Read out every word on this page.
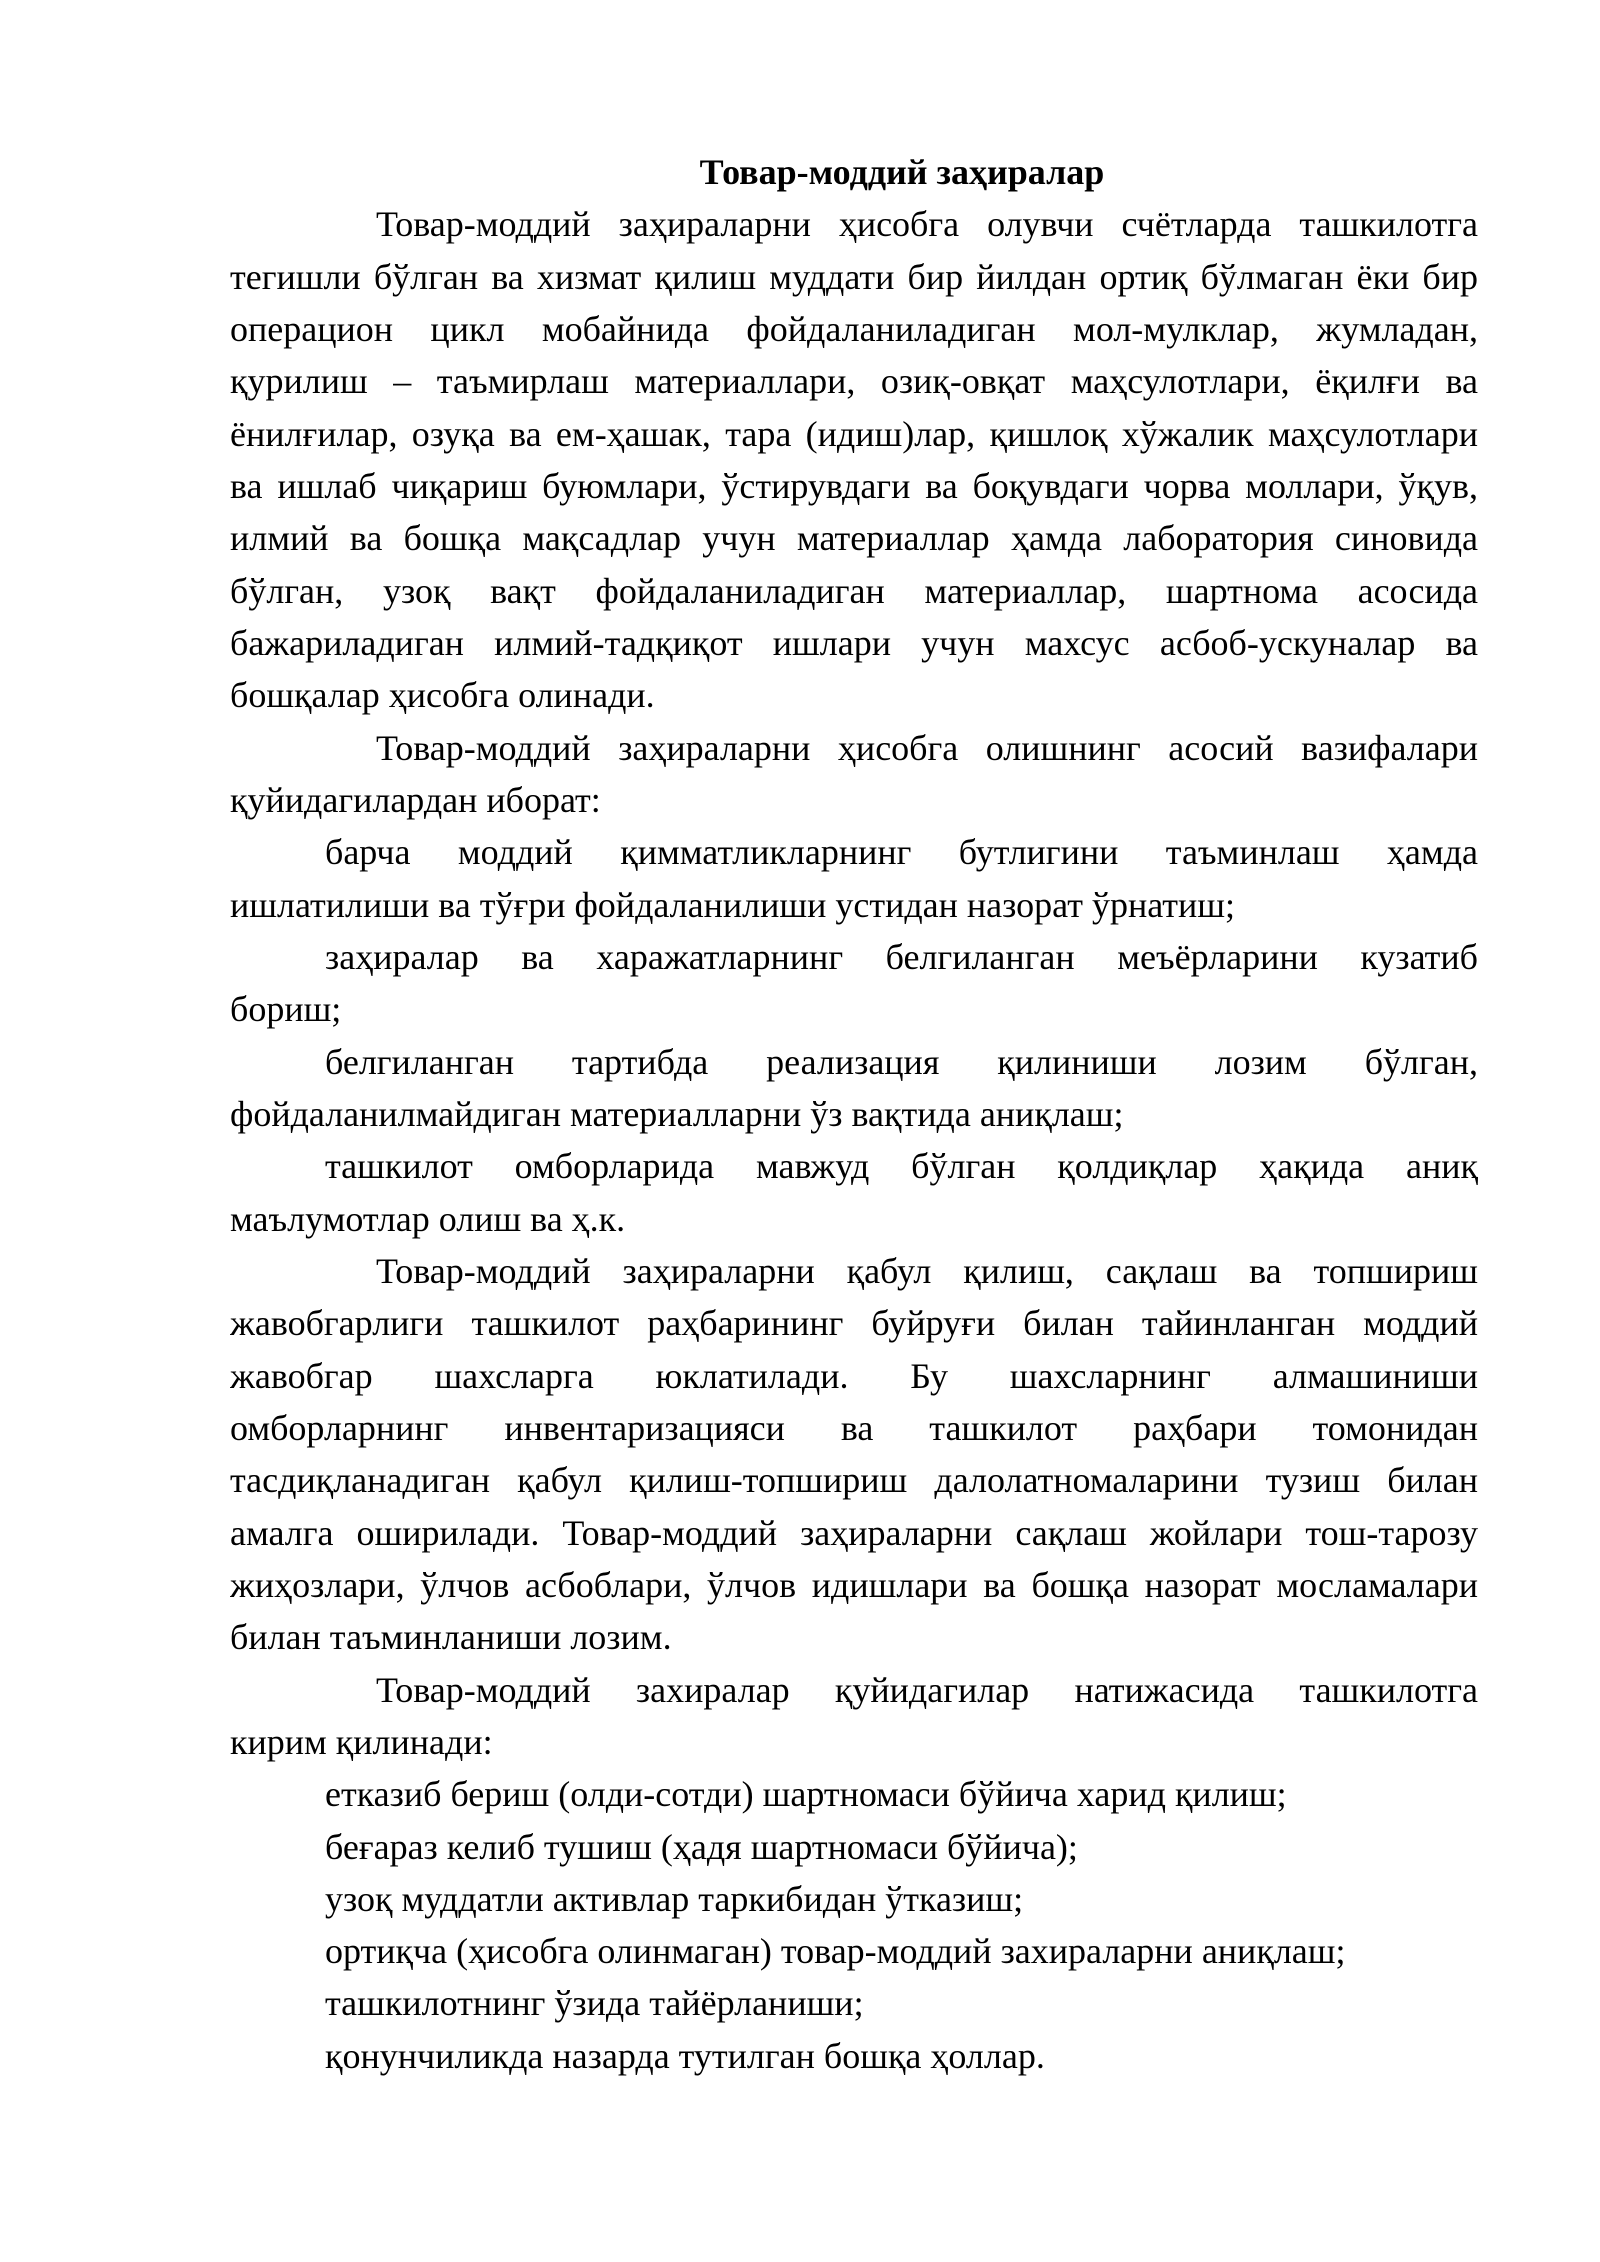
Товар-моддий заҳиралар
Товар-моддий заҳираларни ҳисобга олувчи счётларда ташкилотга
тегишли бўлган ва хизмат қилиш муддати бир йилдан ортиқ бўлмаган ёки бир
операцион цикл мобайнида фойдаланиладиган мол-мулклар, жумладан,
қурилиш – таъмирлаш материаллари, озиқ-овқат маҳсулотлари, ёқилғи ва
ёнилғилар, озуқа ва ем-ҳашак, тара (идиш)лар, қишлоқ хўжалик маҳсулотлари
ва ишлаб чиқариш буюмлари, ўстирувдаги ва боқувдаги чорва моллари, ўқув,
илмий ва бошқа мақсадлар учун материаллар ҳамда лаборатория синовида
бўлган, узоқ вақт фойдаланиладиган материаллар, шартнома асосида
бажариладиган илмий-тадқиқот ишлари учун махсус асбоб-ускуналар ва
бошқалар ҳисобга олинади.
Товар-моддий заҳираларни ҳисобга олишнинг асосий вазифалари
қуйидагилардан иборат:
барча моддий қимматликларнинг бутлигини таъминлаш ҳамда
ишлатилиши ва тўғри фойдаланилиши устидан назорат ўрнатиш;
заҳиралар ва харажатларнинг белгиланган меъёрларини кузатиб
бориш;
белгиланган тартибда реализация қилиниши лозим бўлган,
фойдаланилмайдиган материалларни ўз вақтида аниқлаш;
ташкилот омборларида мавжуд бўлган қолдиқлар ҳақида аниқ
маълумотлар олиш ва ҳ.к.
Товар-моддий заҳираларни қабул қилиш, сақлаш ва топшириш
жавобгарлиги ташкилот раҳбарининг буйруғи билан тайинланган моддий
жавобгар шахсларга юклатилади. Бу шахсларнинг алмашиниши
омборларнинг инвентаризацияси ва ташкилот раҳбари томонидан
тасдиқланадиган қабул қилиш-топшириш далолатномаларини тузиш билан
амалга оширилади. Товар-моддий заҳираларни сақлаш жойлари тош-тарозу
жиҳозлари, ўлчов асбоблари, ўлчов идишлари ва бошқа назорат мосламалари
билан таъминланиши лозим.
Товар-моддий захиралар қуйидагилар натижасида ташкилотга
кирим қилинади:
етказиб бериш (олди-сотди) шартномаси бўйича харид қилиш;
беғараз келиб тушиш (ҳадя шартномаси бўйича);
узоқ муддатли активлар таркибидан ўтказиш;
ортиқча (ҳисобга олинмаган) товар-моддий захираларни аниқлаш;
ташкилотнинг ўзида тайёрланиши;
қонунчиликда назарда тутилган бошқа ҳоллар.
